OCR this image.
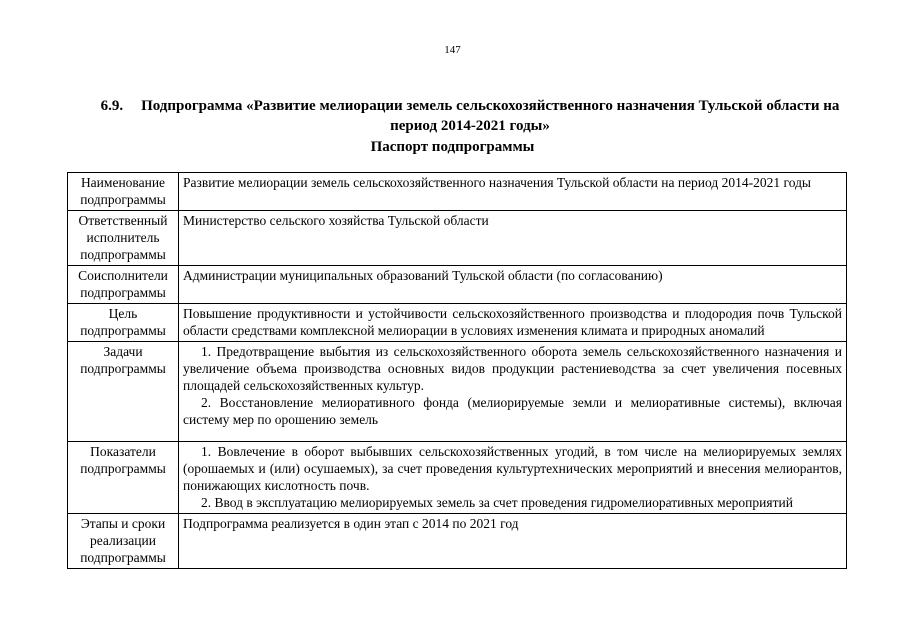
147
6.9. Подпрограмма «Развитие мелиорации земель сельскохозяйственного назначения Тульской области на период 2014-2021 годы»
Паспорт подпрограммы
Наименование подпрограммы	Развитие мелиорации земель сельскохозяйственного назначения Тульской области на период 2014-2021 годы
Ответственный исполнитель подпрограммы	Министерство сельского хозяйства Тульской области
Соисполнители подпрограммы	Администрации муниципальных образований Тульской области (по согласованию)
Цель подпрограммы	Повышение продуктивности и устойчивости сельскохозяйственного производства и плодородия почв Тульской области средствами комплексной мелиорации в условиях изменения климата и природных аномалий
Задачи подпрограммы	1. Предотвращение выбытия из сельскохозяйственного оборота земель сельскохозяйственного назначения и увеличение объема производства основных видов продукции растениеводства за счет увеличения посевных площадей сельскохозяйственных культур.
2. Восстановление мелиоративного фонда (мелиорируемые земли и мелиоративные системы), включая систему мер по орошению земель

Показатели подпрограммы	1. Вовлечение в оборот выбывших сельскохозяйственных угодий, в том числе на мелиорируемых землях (орошаемых и (или) осушаемых), за счет проведения культуртехнических мероприятий и внесения мелиорантов, понижающих кислотность почв.
2. Ввод в эксплуатацию мелиорируемых земель за счет проведения гидромелиоративных мероприятий

Этапы и сроки реализации подпрограммы	Подпрограмма реализуется в один этап с 2014 по 2021 год
